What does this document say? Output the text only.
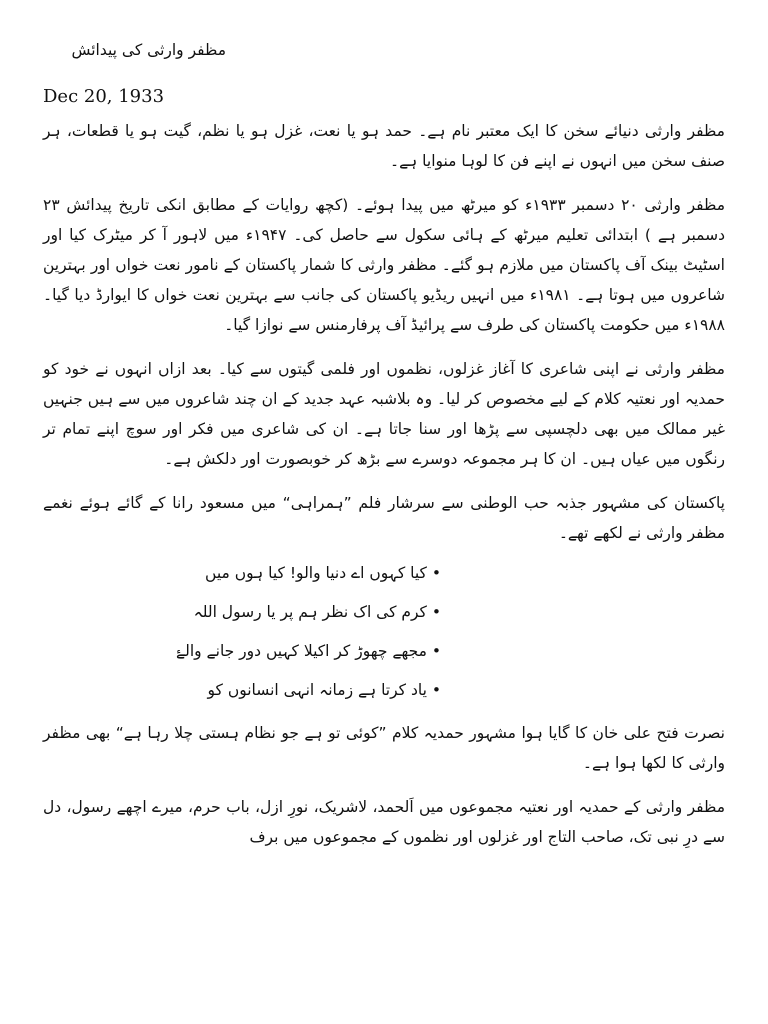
مظفر وارثی کی پیدائش
Dec 20, 1933

مظفر وارثی دنیائے سخن کا ایک معتبر نام ہے۔ حمد ہو یا نعت، غزل ہو یا نظم، گیت ہو یا قطعات، ہر صنف سخن میں انہوں نے اپنے فن کا لوہا منوایا ہے۔

مظفر وارثی ۲۰ دسمبر ۱۹۳۳ء کو میرٹھ میں پیدا ہوئے۔ (کچھ روایات کے مطابق انکی تاریخ پیدائش ۲۳ دسمبر ہے ) ابتدائی تعلیم میرٹھ کے ہائی سکول سے حاصل کی۔ ۱۹۴۷ء میں لاہور آ کر میٹرک کیا اور اسٹیٹ بینک آف پاکستان میں ملازم ہو گئے۔ مظفر وارثی کا شمار پاکستان کے نامور نعت خواں اور بہترین شاعروں میں ہوتا ہے۔ ۱۹۸۱ء میں انہیں ریڈیو پاکستان کی جانب سے بہترین نعت خواں کا ایوارڈ دیا گیا۔ ۱۹۸۸ء میں حکومت پاکستان کی طرف سے پرائیڈ آف پرفارمنس سے نوازا گیا۔

مظفر وارثی نے اپنی شاعری کا آغاز غزلوں، نظموں اور فلمی گیتوں سے کیا۔ بعد ازاں انہوں نے خود کو حمدیہ اور نعتیہ کلام کے لیے مخصوص کر لیا۔ وہ بلاشبہ عہد جدید کے ان چند شاعروں میں سے ہیں جنہیں غیر ممالک میں بھی دلچسپی سے پڑھا اور سنا جاتا ہے۔ ان کی شاعری میں فکر اور سوچ اپنے تمام تر رنگوں میں عیاں ہیں۔ ان کا ہر مجموعہ دوسرے سے بڑھ کر خوبصورت اور دلکش ہے۔

پاکستان کی مشہور جذبہ حب الوطنی سے سرشار فلم ”ہمراہی“ میں مسعود رانا کے گائے ہوئے نغمے مظفر وارثی نے لکھے تھے۔

• کیا کہوں اے دنیا والو! کیا ہوں میں
• کرم کی اک نظر ہم پر یا رسول اللہ
• مجھے چھوڑ کر اکیلا کہیں دور جانے والۓ
• یاد کرتا ہے زمانہ انہی انسانوں کو

نصرت فتح علی خان کا گایا ہوا مشہور حمدیہ کلام ”کوئی تو ہے جو نظام ہستی چلا رہا ہے“ بھی مظفر وارثی کا لکھا ہوا ہے۔

مظفر وارثی کے حمدیہ اور نعتیہ مجموعوں میں اَلحمد، لاشریک، نورِ ازل، باب حرم، میرے اچھے رسول، دل سے درِ نبی تک، صاحب التاج اور غزلوں اور نظموں کے مجموعوں میں برف
